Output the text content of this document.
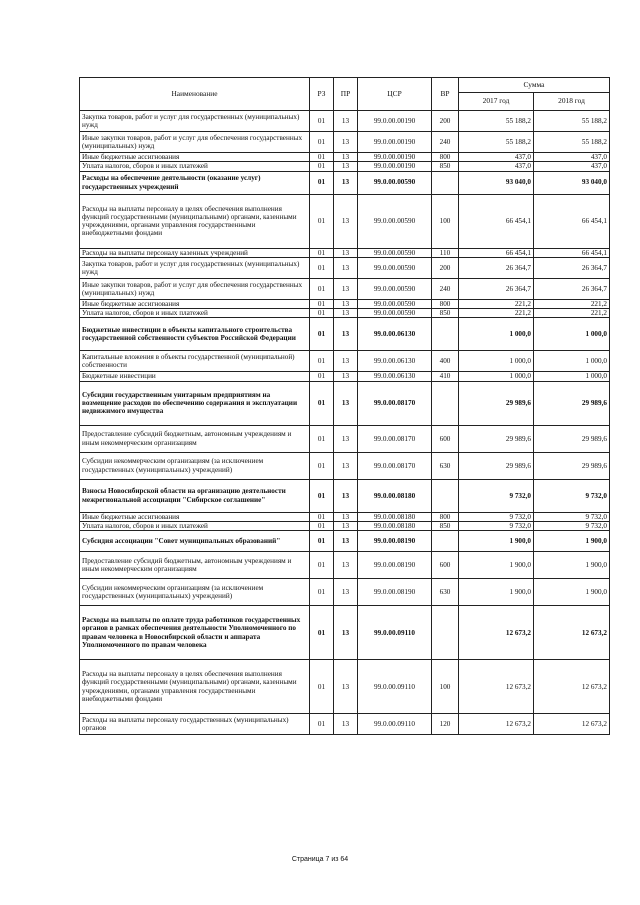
Наименование	РЗ	ПР	ЦСР	ВР	Сумма	
					2017 год	2018 год
Закупка товаров, работ и услуг для государственных (муниципальных) нужд	01	13	99.0.00.00190	200	55 188,2	55 188,2
Иные закупки товаров, работ и услуг для обеспечения государственных (муниципальных) нужд	01	13	99.0.00.00190	240	55 188,2	55 188,2
Иные бюджетные ассигнования	01	13	99.0.00.00190	800	437,0	437,0
Уплата налогов, сборов и иных платежей	01	13	99.0.00.00190	850	437,0	437,0
Расходы на обеспечение деятельности (оказание услуг) государственных учреждений	01	13	99.0.00.00590		93 040,0	93 040,0
Расходы на выплаты персоналу в целях обеспечения выполнения функций государственными (муниципальными) органами, казенными учреждениями, органами управления государственными внебюджетными фондами	01	13	99.0.00.00590	100	66 454,1	66 454,1
Расходы на выплаты персоналу казенных учреждений	01	13	99.0.00.00590	110	66 454,1	66 454,1
Закупка товаров, работ и услуг для государственных (муниципальных) нужд	01	13	99.0.00.00590	200	26 364,7	26 364,7
Иные закупки товаров, работ и услуг для обеспечения государственных (муниципальных) нужд	01	13	99.0.00.00590	240	26 364,7	26 364,7
Иные бюджетные ассигнования	01	13	99.0.00.00590	800	221,2	221,2
Уплата налогов, сборов и иных платежей	01	13	99.0.00.00590	850	221,2	221,2
Бюджетные инвестиции в объекты капитального строительства государственной собственности субъектов Российской Федерации	01	13	99.0.00.06130		1 000,0	1 000,0
Капитальные вложения в объекты государственной (муниципальной) собственности	01	13	99.0.00.06130	400	1 000,0	1 000,0
Бюджетные инвестиции	01	13	99.0.00.06130	410	1 000,0	1 000,0
Субсидии государственным унитарным предприятиям на возмещение расходов по обеспечению содержания и эксплуатации недвижимого имущества	01	13	99.0.00.08170		29 989,6	29 989,6
Предоставление субсидий бюджетным, автономным учреждениям и иным некоммерческим организациям	01	13	99.0.00.08170	600	29 989,6	29 989,6
Субсидии некоммерческим организациям (за исключением государственных (муниципальных) учреждений)	01	13	99.0.00.08170	630	29 989,6	29 989,6
Взносы Новосибирской области на организацию деятельности межрегиональной ассоциации "Сибирское соглашение"	01	13	99.0.00.08180		9 732,0	9 732,0
Иные бюджетные ассигнования	01	13	99.0.00.08180	800	9 732,0	9 732,0
Уплата налогов, сборов и иных платежей	01	13	99.0.00.08180	850	9 732,0	9 732,0
Субсидия ассоциации "Совет муниципальных образований"	01	13	99.0.00.08190		1 900,0	1 900,0
Предоставление субсидий бюджетным, автономным учреждениям и иным некоммерческим организациям	01	13	99.0.00.08190	600	1 900,0	1 900,0
Субсидии некоммерческим организациям (за исключением государственных (муниципальных) учреждений)	01	13	99.0.00.08190	630	1 900,0	1 900,0
Расходы на выплаты по оплате труда работников государственных органов в рамках обеспечения деятельности Уполномоченного по правам человека в Новосибирской области и аппарата Уполномоченного по правам человека	01	13	99.0.00.09110		12 673,2	12 673,2
Расходы на выплаты персоналу в целях обеспечения выполнения функций государственными (муниципальными) органами, казенными учреждениями, органами управления государственными внебюджетными фондами	01	13	99.0.00.09110	100	12 673,2	12 673,2
Расходы на выплаты персоналу государственных (муниципальных) органов	01	13	99.0.00.09110	120	12 673,2	12 673,2
Страница 7 из 64
